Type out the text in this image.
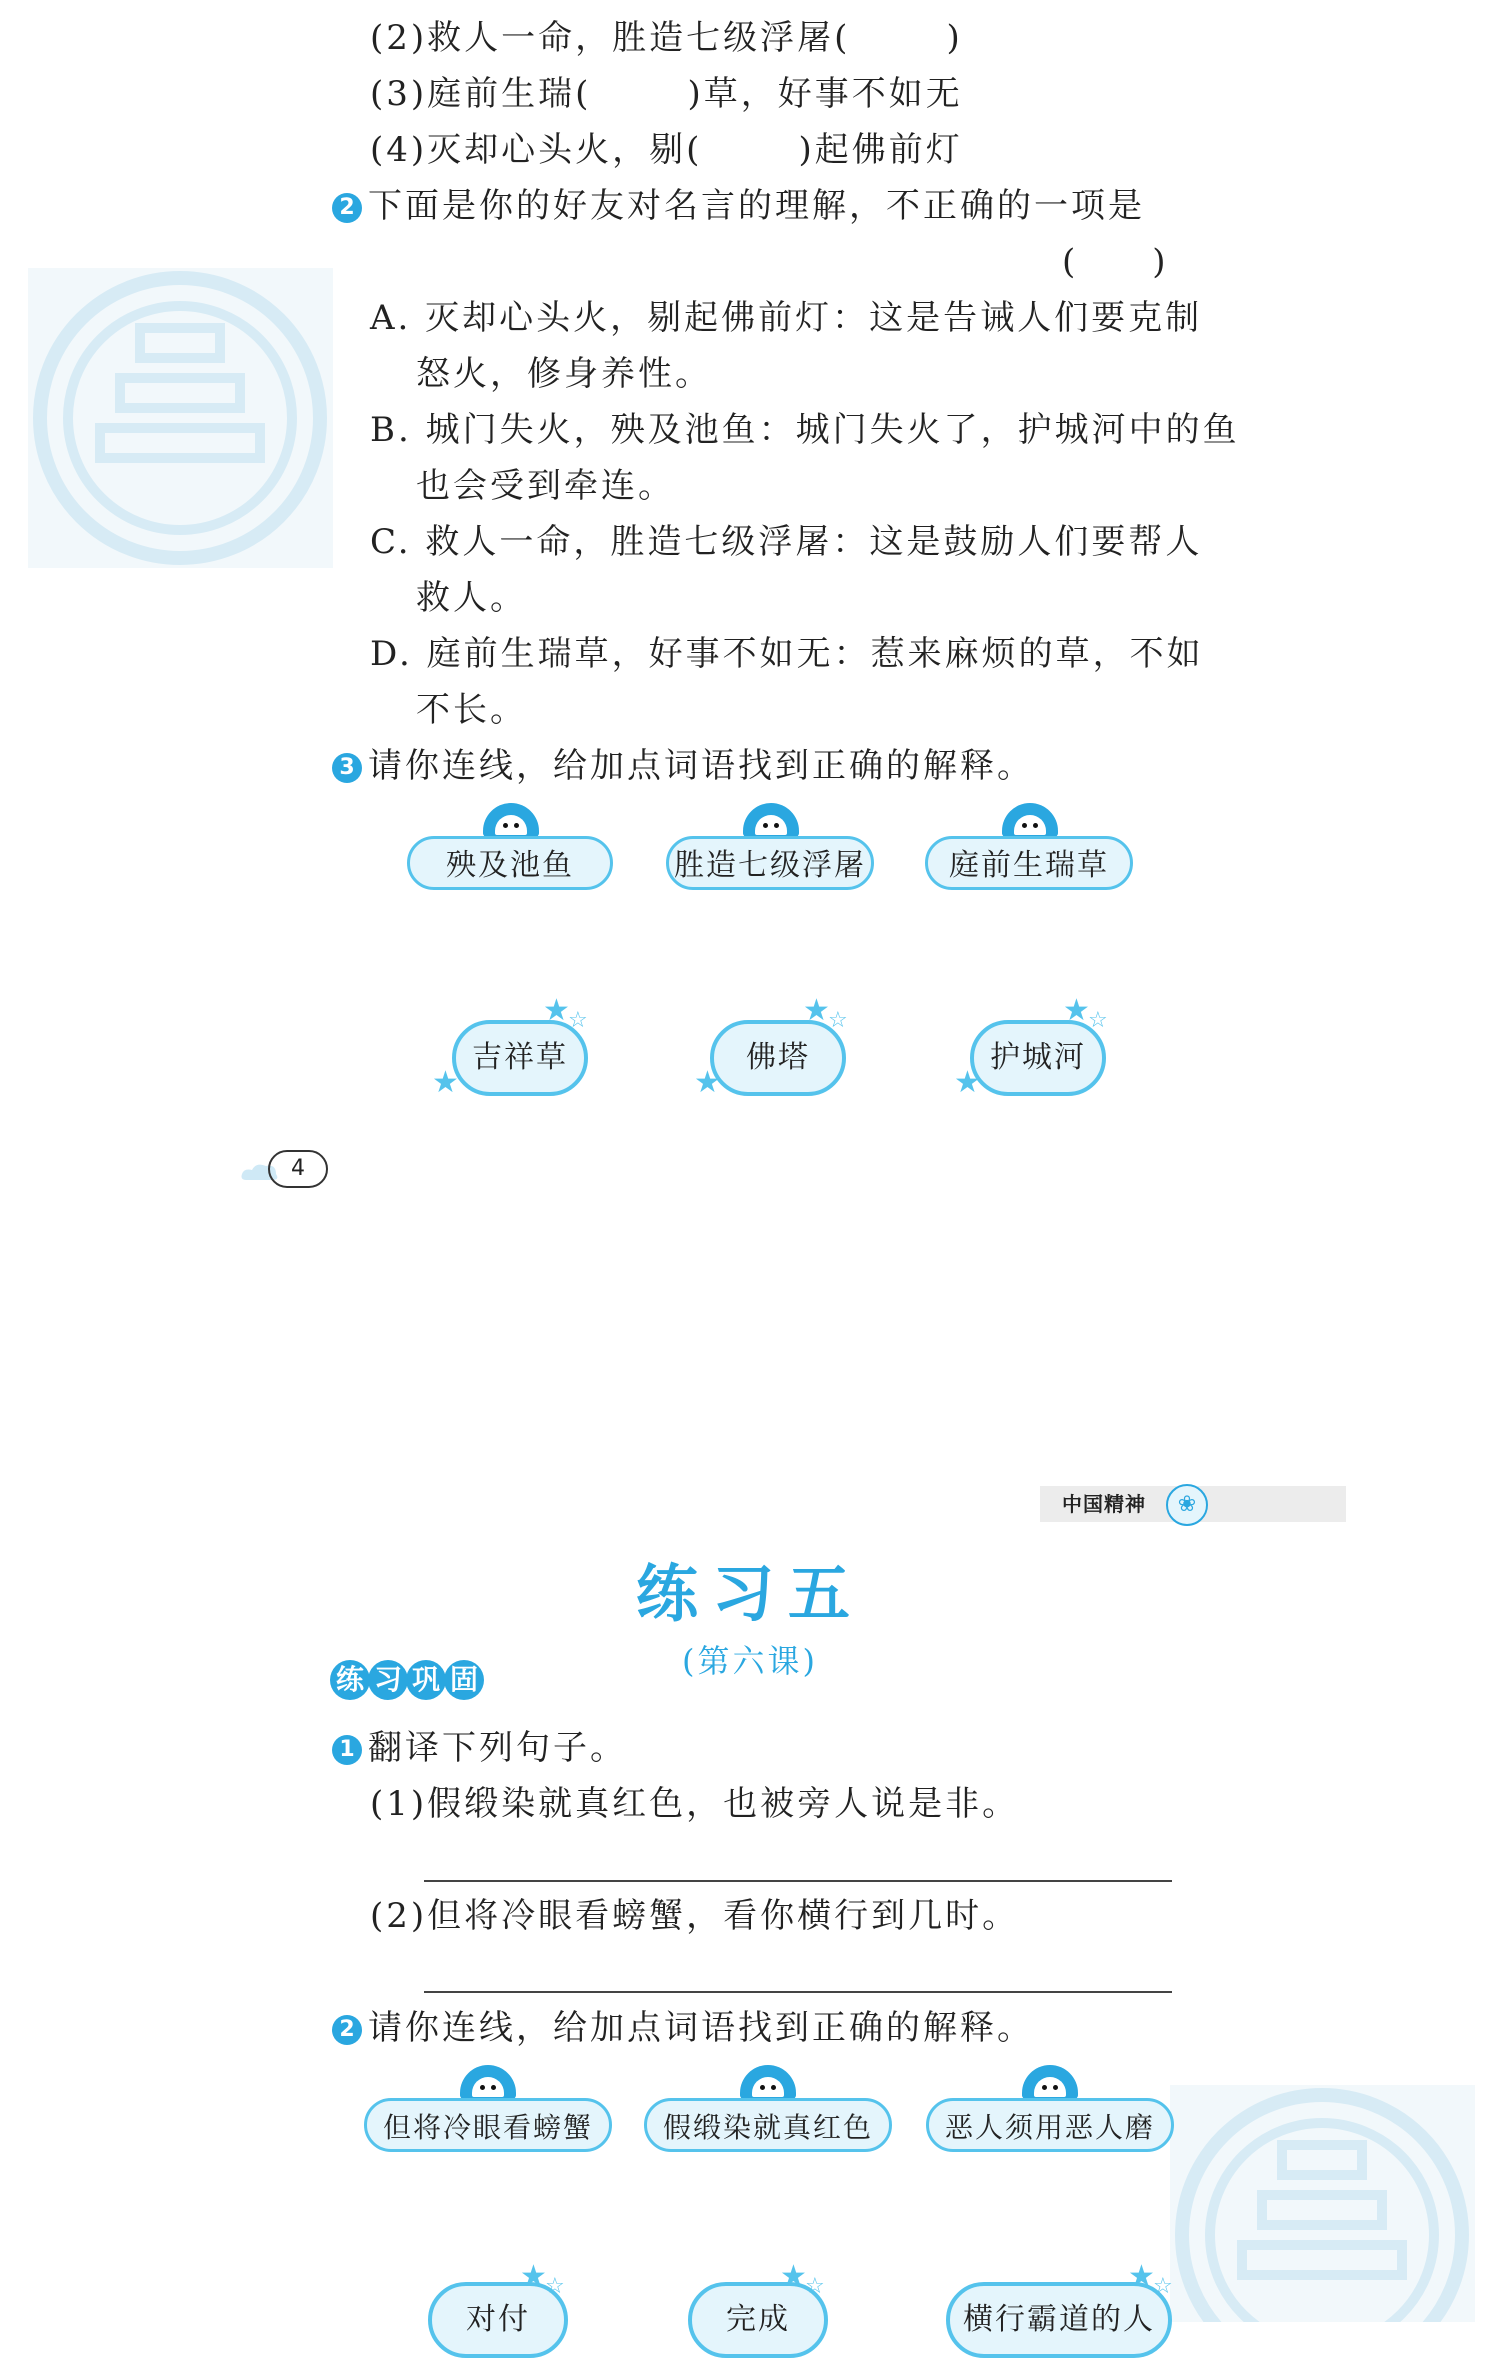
(2)救人一命，胜造七级浮屠(	)
(3)庭前生瑞(	)草，好事不如无
(4)灭却心头火，剔(	)起佛前灯
2 下面是你的好友对名言的理解，不正确的一项是
(　　)
A. 灭却心头火，剔起佛前灯：这是告诫人们要克制
怒火，修身养性。
B. 城门失火，殃及池鱼：城门失火了，护城河中的鱼
也会受到牵连。
C. 救人一命，胜造七级浮屠：这是鼓励人们要帮人
救人。
D. 庭前生瑞草，好事不如无：惹来麻烦的草，不如
不长。
3 请你连线，给加点词语找到正确的解释。
殃及池鱼	胜造七级浮屠	庭前生瑞草
吉祥草
★
☆
★
佛塔
★
☆
★
护城河
★
☆
★
4
中国精神	❀
练习五
(第六课)
练 习 巩 固
1 翻译下列句子。
(1)假缎染就真红色，也被旁人说是非。
(2)但将冷眼看螃蟹，看你横行到几时。
2 请你连线，给加点词语找到正确的解释。
但将冷眼看螃蟹	假缎染就真红色	恶人须用恶人磨
对付
★
☆
完成
★
☆
横行霸道的人
★
☆
